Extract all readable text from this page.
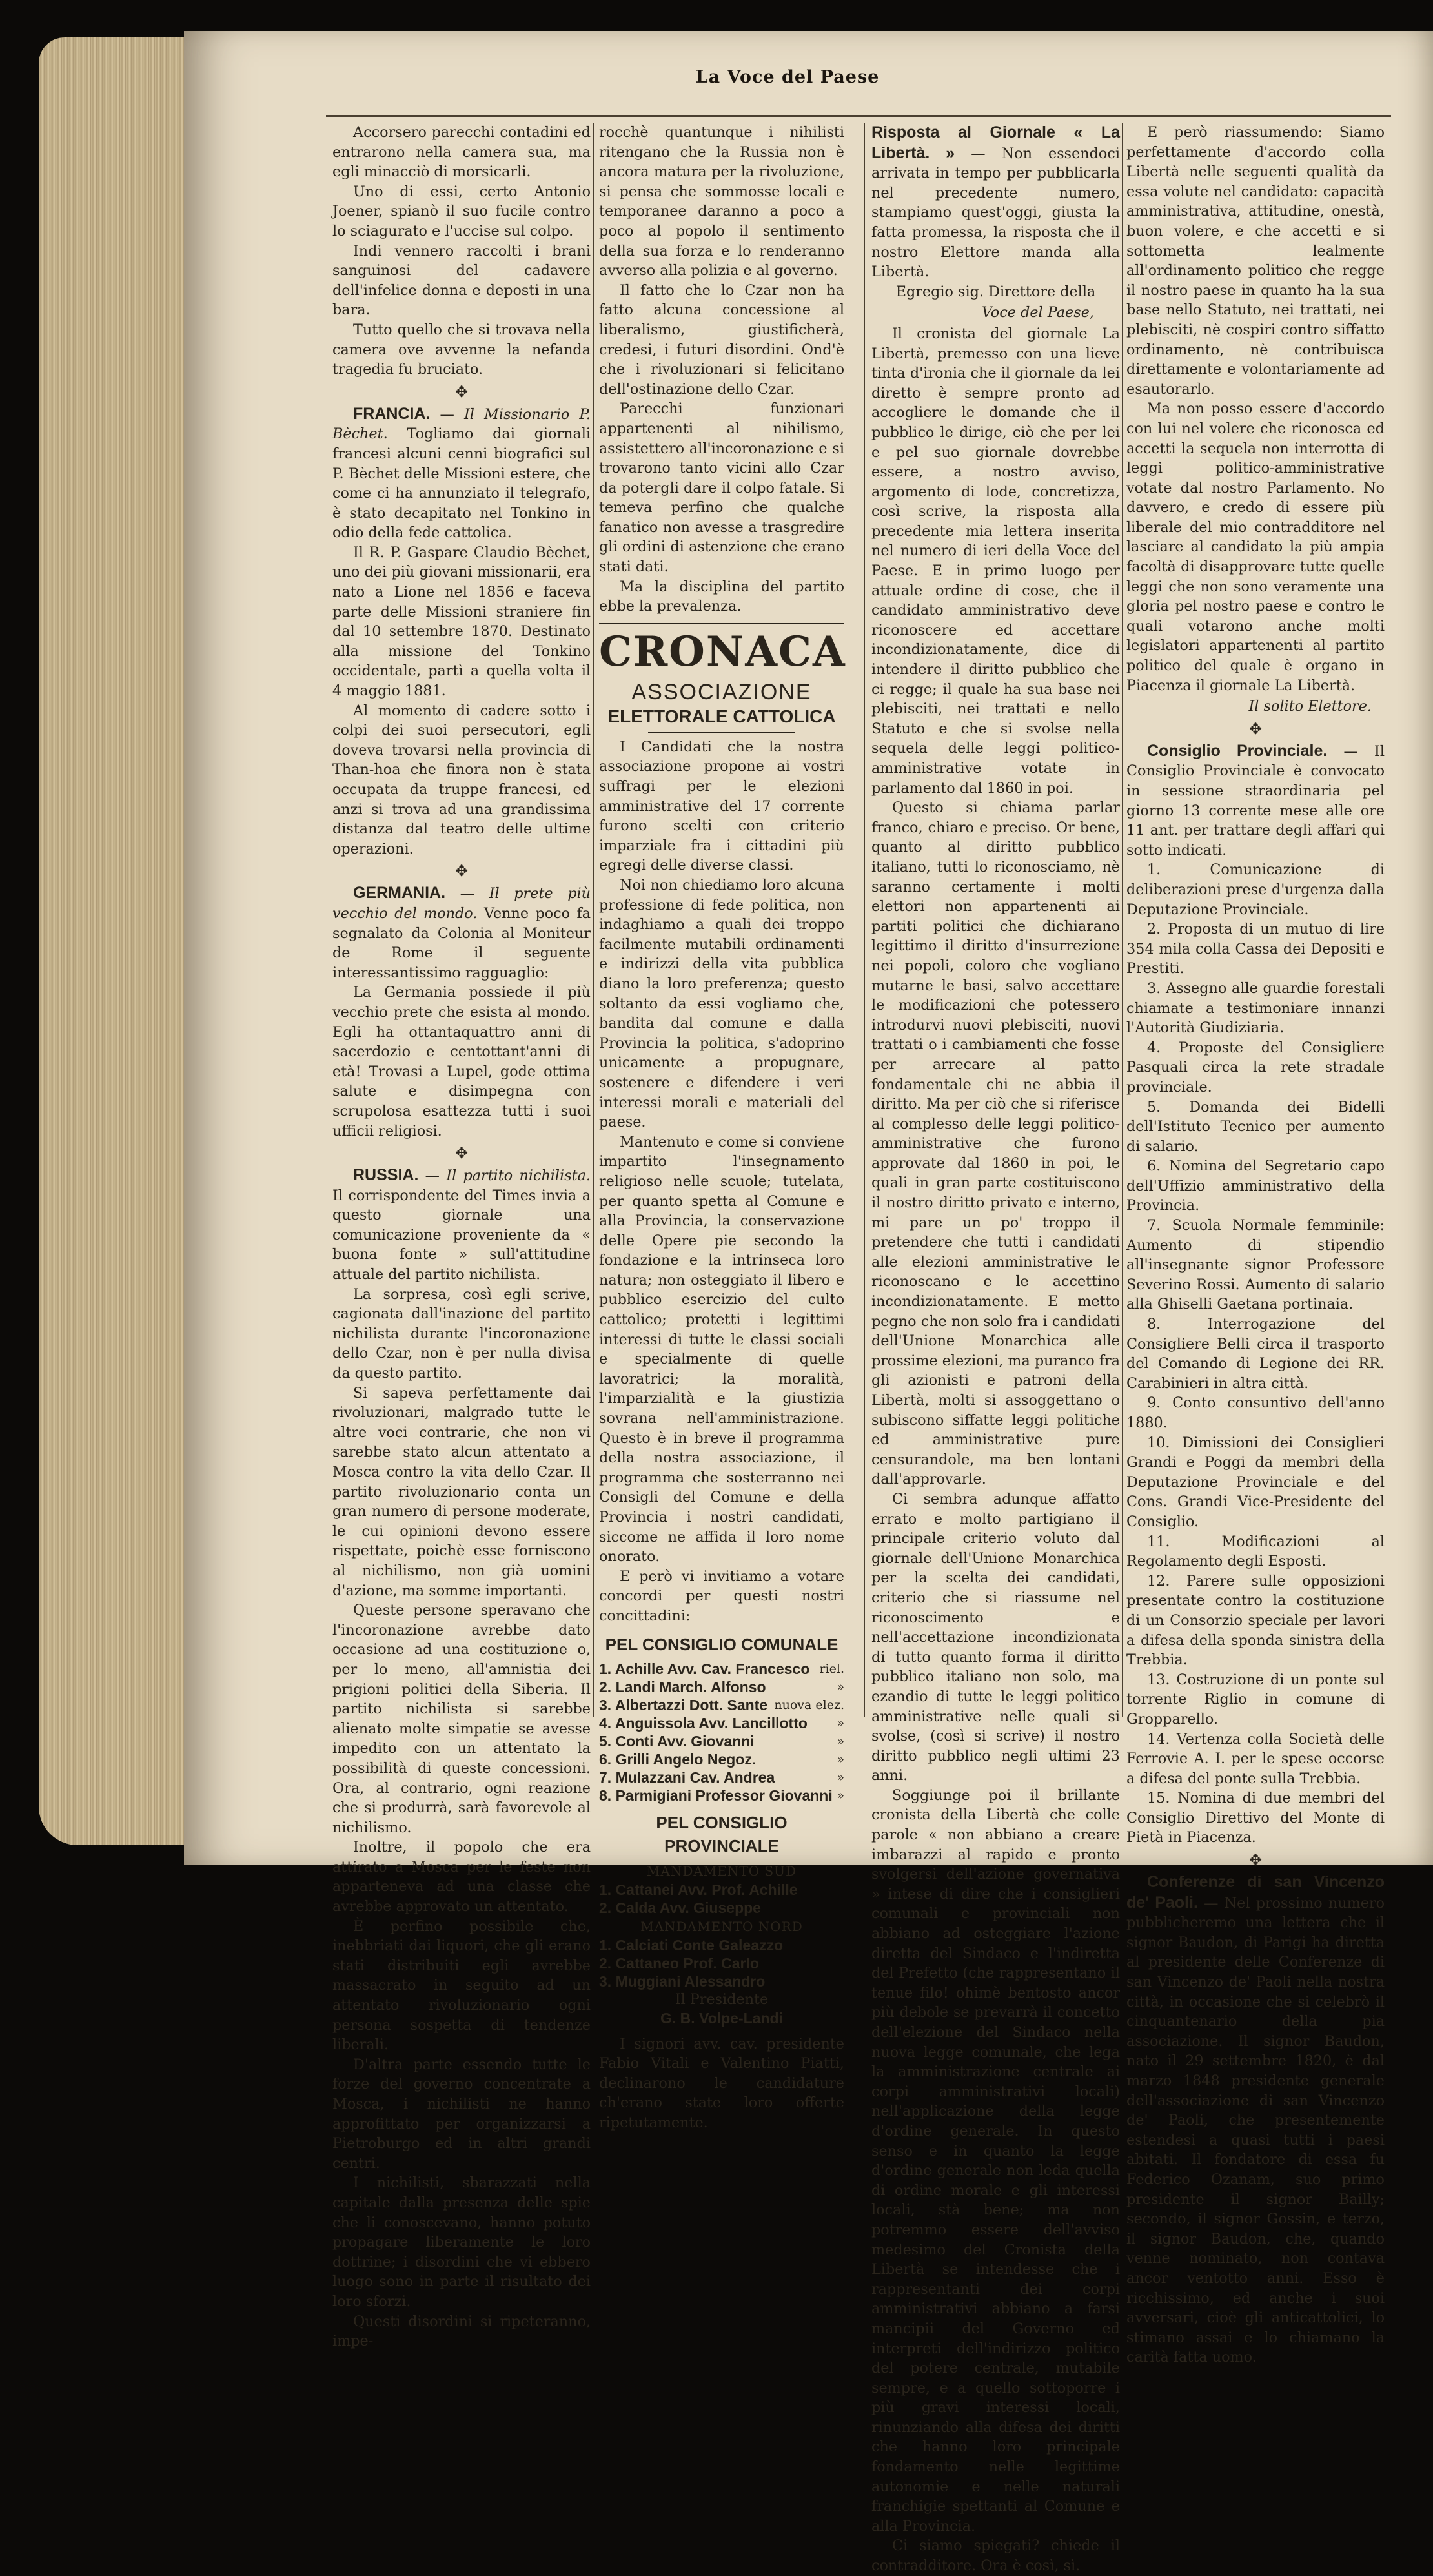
La Voce del Paese

Accorsero parecchi contadini ed entrarono nella camera sua, ma egli minacciò di morsicarli.

Uno di essi, certo Antonio Joener, spianò il suo fucile contro lo sciagurato e l'uccise sul colpo.

Indi vennero raccolti i brani sanguinosi del cadavere dell'infelice donna e deposti in una bara.

Tutto quello che si trovava nella camera ove avvenne la nefanda tragedia fu bruciato.

✥

FRANCIA. — Il Missionario P. Bèchet. Togliamo dai giornali francesi alcuni cenni biografici sul P. Bèchet delle Missioni estere, che come ci ha annunziato il telegrafo, è stato decapitato nel Tonkino in odio della fede cattolica.

Il R. P. Gaspare Claudio Bèchet, uno dei più giovani missionarii, era nato a Lione nel 1856 e faceva parte delle Missioni straniere fin dal 10 settembre 1870. Destinato alla missione del Tonkino occidentale, partì a quella volta il 4 maggio 1881.

Al momento di cadere sotto i colpi dei suoi persecutori, egli doveva trovarsi nella provincia di Than-hoa che finora non è stata occupata da truppe francesi, ed anzi si trova ad una grandissima distanza dal teatro delle ultime operazioni.

✥

GERMANIA. — Il prete più vecchio del mondo. Venne poco fa segnalato da Colonia al Moniteur de Rome il seguente interessantissimo ragguaglio:

La Germania possiede il più vecchio prete che esista al mondo. Egli ha ottantaquattro anni di sacerdozio e centottant'anni di età! Trovasi a Lupel, gode ottima salute e disimpegna con scrupolosa esattezza tutti i suoi ufficii religiosi.

✥

RUSSIA. — Il partito nichilista. Il corrispondente del Times invia a questo giornale una comunicazione proveniente da « buona fonte » sull'attitudine attuale del partito nichilista.

La sorpresa, così egli scrive, cagionata dall'inazione del partito nichilista durante l'incoronazione dello Czar, non è per nulla divisa da questo partito.

Si sapeva perfettamente dai rivoluzionari, malgrado tutte le altre voci contrarie, che non vi sarebbe stato alcun attentato a Mosca contro la vita dello Czar. Il partito rivoluzionario conta un gran numero di persone moderate, le cui opinioni devono essere rispettate, poichè esse forniscono al nichilismo, non già uomini d'azione, ma somme importanti.

Queste persone speravano che l'incoronazione avrebbe dato occasione ad una costituzione o, per lo meno, all'amnistia dei prigioni politici della Siberia. Il partito nichilista si sarebbe alienato molte simpatie se avesse impedito con un attentato la possibilità di queste concessioni. Ora, al contrario, ogni reazione che si produrrà, sarà favorevole al nichilismo.

Inoltre, il popolo che era attirato a Mosca per le feste non apparteneva ad una classe che avrebbe approvato un attentato.

È perfino possibile che, inebbriati dai liquori, che gli erano stati distribuiti egli avrebbe massacrato in seguito ad un attentato rivoluzionario ogni persona sospetta di tendenze liberali.

D'altra parte essendo tutte le forze del governo concentrate a Mosca, i nichilisti ne hanno approfittato per organizzarsi a Pietroburgo ed in altri grandi centri.

I nichilisti, sbarazzati nella capitale dalla presenza delle spie che li conoscevano, hanno potuto propagare liberamente le loro dottrine; i disordini che vi ebbero luogo sono in parte il risultato dei loro sforzi.

Questi disordini si ripeteranno, impe-

rocchè quantunque i nihilisti ritengano che la Russia non è ancora matura per la rivoluzione, si pensa che sommosse locali e temporanee daranno a poco a poco al popolo il sentimento della sua forza e lo renderanno avverso alla polizia e al governo.

Il fatto che lo Czar non ha fatto alcuna concessione al liberalismo, giustificherà, credesi, i futuri disordini. Ond'è che i rivoluzionari si felicitano dell'ostinazione dello Czar.

Parecchi funzionari appartenenti al nihilismo, assistettero all'incoronazione e si trovarono tanto vicini allo Czar da potergli dare il colpo fatale. Si temeva perfino che qualche fanatico non avesse a trasgredire gli ordini di astenzione che erano stati dati.

Ma la disciplina del partito ebbe la prevalenza.

CRONACA
ASSOCIAZIONE
ELETTORALE CATTOLICA

I Candidati che la nostra associazione propone ai vostri suffragi per le elezioni amministrative del 17 corrente furono scelti con criterio imparziale fra i cittadini più egregi delle diverse classi.

Noi non chiediamo loro alcuna professione di fede politica, non indaghiamo a quali dei troppo facilmente mutabili ordinamenti e indirizzi della vita pubblica diano la loro preferenza; questo soltanto da essi vogliamo che, bandita dal comune e dalla Provincia la politica, s'adoprino unicamente a propugnare, sostenere e difendere i veri interessi morali e materiali del paese.

Mantenuto e come si conviene impartito l'insegnamento religioso nelle scuole; tutelata, per quanto spetta al Comune e alla Provincia, la conservazione delle Opere pie secondo la fondazione e la intrinseca loro natura; non osteggiato il libero e pubblico esercizio del culto cattolico; protetti i legittimi interessi di tutte le classi sociali e specialmente di quelle lavoratrici; la moralità, l'imparzialità e la giustizia sovrana nell'amministrazione. Questo è in breve il programma della nostra associazione, il programma che sosterranno nei Consigli del Comune e della Provincia i nostri candidati, siccome ne affida il loro nome onorato.

E però vi invitiamo a votare concordi per questi nostri concittadini:

PEL CONSIGLIO COMUNALE
1. Achille Avv. Cav. Francesco riel.
2. Landi March. Alfonso	»
3. Albertazzi Dott. Sante nuova elez.
4. Anguissola Avv. Lancillotto »
5. Conti Avv. Giovanni	»
6. Grilli Angelo Negoz.	»
7. Mulazzani Cav. Andrea	»
8. Parmigiani Professor Giovanni »
PEL CONSIGLIO PROVINCIALE
MANDAMENTO SUD
1. Cattanei Avv. Prof. Achille
2. Calda Avv. Giuseppe
MANDAMENTO NORD
1. Calciati Conte Galeazzo
2. Cattaneo Prof. Carlo
3. Muggiani Alessandro
Il Presidente
G. B. Volpe-Landi

I signori avv. cav. presidente Fabio Vitali e Valentino Piatti, declinarono le candidature ch'erano state loro offerte ripetutamente.

Risposta al Giornale « La Libertà. » — Non essendoci arrivata in tempo per pubblicarla nel precedente numero, stampiamo quest'oggi, giusta la fatta promessa, la risposta che il nostro Elettore manda alla Libertà.

Egregio sig. Direttore della
Voce del Paese,

Il cronista del giornale La Libertà, premesso con una lieve tinta d'ironia che il giornale da lei diretto è sempre pronto ad accogliere le domande che il pubblico le dirige, ciò che per lei e pel suo giornale dovrebbe essere, a nostro avviso, argomento di lode, concretizza, così scrive, la risposta alla precedente mia lettera inserita nel numero di ieri della Voce del Paese. E in primo luogo per attuale ordine di cose, che il candidato amministrativo deve riconoscere ed accettare incondizionatamente, dice di intendere il diritto pubblico che ci regge; il quale ha sua base nei plebisciti, nei trattati e nello Statuto e che si svolse nella sequela delle leggi politico-amministrative votate in parlamento dal 1860 in poi.

Questo si chiama parlar franco, chiaro e preciso. Or bene, quanto al diritto pubblico italiano, tutti lo riconosciamo, nè saranno certamente i molti elettori non appartenenti ai partiti politici che dichiarano legittimo il diritto d'insurrezione nei popoli, coloro che vogliano mutarne le basi, salvo accettare le modificazioni che potessero introdurvi nuovi plebisciti, nuovi trattati o i cambiamenti che fosse per arrecare al patto fondamentale chi ne abbia il diritto. Ma per ciò che si riferisce al complesso delle leggi politico-amministrative che furono approvate dal 1860 in poi, le quali in gran parte costituiscono il nostro diritto privato e interno, mi pare un po' troppo il pretendere che tutti i candidati alle elezioni amministrative le riconoscano e le accettino incondizionatamente. E metto pegno che non solo fra i candidati dell'Unione Monarchica alle prossime elezioni, ma puranco fra gli azionisti e patroni della Libertà, molti si assoggettano o subiscono siffatte leggi politiche ed amministrative pure censurandole, ma ben lontani dall'approvarle.

Ci sembra adunque affatto errato e molto partigiano il principale criterio voluto dal giornale dell'Unione Monarchica per la scelta dei candidati, criterio che si riassume nel riconoscimento e nell'accettazione incondizionata di tutto quanto forma il diritto pubblico italiano non solo, ma ezandio di tutte le leggi politico amministrative nelle quali si svolse, (così si scrive) il nostro diritto pubblico negli ultimi 23 anni.

Soggiunge poi il brillante cronista della Libertà che colle parole « non abbiano a creare imbarazzi al rapido e pronto svolgersi dell'azione governativa » intese di dire che i consiglieri comunali e provinciali non abbiano ad osteggiare l'azione diretta del Sindaco e l'indiretta del Prefetto (che rappresentano il tenue filo! ohimè bentosto ancor più debole se prevarrà il concetto dell'elezione del Sindaco nella nuova legge comunale, che lega la amministrazione centrale ai corpi amministrativi locali) nell'applicazione della legge d'ordine generale. In questo senso e in quanto la legge d'ordine generale non leda quella di ordine morale e gli interessi locali, stà bene; ma non potremmo essere dell'avviso medesimo del Cronista della Libertà se intendesse che i rappresentanti dei corpi amministrativi abbiano a farsi mancipii del Governo ed interpreti dell'indirizzo politico del potere centrale, mutabile sempre, e a quello sottoporre i più gravi interessi locali, rinunziando alla difesa dei diritti che hanno loro principale fondamento nelle legittime autonomie e nelle naturali franchigie spettanti al Comune e alla Provincia.

Ci siamo spiegati? chiede il contradditore. Ora è così, sì.

E però riassumendo: Siamo perfettamente d'accordo colla Libertà nelle seguenti qualità da essa volute nel candidato: capacità amministrativa, attitudine, onestà, buon volere, e che accetti e si sottometta lealmente all'ordinamento politico che regge il nostro paese in quanto ha la sua base nello Statuto, nei trattati, nei plebisciti, nè cospiri contro siffatto ordinamento, nè contribuisca direttamente e volontariamente ad esautorarlo.

Ma non posso essere d'accordo con lui nel volere che riconosca ed accetti la sequela non interrotta di leggi politico-amministrative votate dal nostro Parlamento. No davvero, e credo di essere più liberale del mio contradditore nel lasciare al candidato la più ampia facoltà di disapprovare tutte quelle leggi che non sono veramente una gloria pel nostro paese e contro le quali votarono anche molti legislatori appartenenti al partito politico del quale è organo in Piacenza il giornale La Libertà.

Il solito Elettore.
✥

Consiglio Provinciale. — Il Consiglio Provinciale è convocato in sessione straordinaria pel giorno 13 corrente mese alle ore 11 ant. per trattare degli affari qui sotto indicati.

1. Comunicazione di deliberazioni prese d'urgenza dalla Deputazione Provinciale.

2. Proposta di un mutuo di lire 354 mila colla Cassa dei Depositi e Prestiti.

3. Assegno alle guardie forestali chiamate a testimoniare innanzi l'Autorità Giudiziaria.

4. Proposte del Consigliere Pasquali circa la rete stradale provinciale.

5. Domanda dei Bidelli dell'Istituto Tecnico per aumento di salario.

6. Nomina del Segretario capo dell'Uffizio amministrativo della Provincia.

7. Scuola Normale femminile: Aumento di stipendio all'insegnante signor Professore Severino Rossi. Aumento di salario alla Ghiselli Gaetana portinaia.

8. Interrogazione del Consigliere Belli circa il trasporto del Comando di Legione dei RR. Carabinieri in altra città.

9. Conto consuntivo dell'anno 1880.

10. Dimissioni dei Consiglieri Grandi e Poggi da membri della Deputazione Provinciale e del Cons. Grandi Vice-Presidente del Consiglio.

11. Modificazioni al Regolamento degli Esposti.

12. Parere sulle opposizioni presentate contro la costituzione di un Consorzio speciale per lavori a difesa della sponda sinistra della Trebbia.

13. Costruzione di un ponte sul torrente Riglio in comune di Gropparello.

14. Vertenza colla Società delle Ferrovie A. I. per le spese occorse a difesa del ponte sulla Trebbia.

15. Nomina di due membri del Consiglio Direttivo del Monte di Pietà in Piacenza.

✥

Conferenze di san Vincenzo de' Paoli. — Nel prossimo numero pubblicheremo una lettera che il signor Baudon, di Parigi ha diretta al presidente delle Conferenze di san Vincenzo de' Paoli nella nostra città, in occasione che si celebrò il cinquantenario della pia associazione. Il signor Baudon, nato il 29 settembre 1820, è dal marzo 1848 presidente generale dell'associazione di san Vincenzo de' Paoli, che presentemente estendesi a quasi tutti i paesi abitati. Il fondatore di essa fu Federico Ozanam, suo primo presidente il signor Bailly; secondo, il signor Gossin, e terzo, il signor Baudon, che, quando venne nominato, non contava ancor ventotto anni. Esso è ricchissimo, ed anche i suoi avversari, cioè gli anticattolici, lo stimano assai e lo chiamano la carità fatta uomo.
